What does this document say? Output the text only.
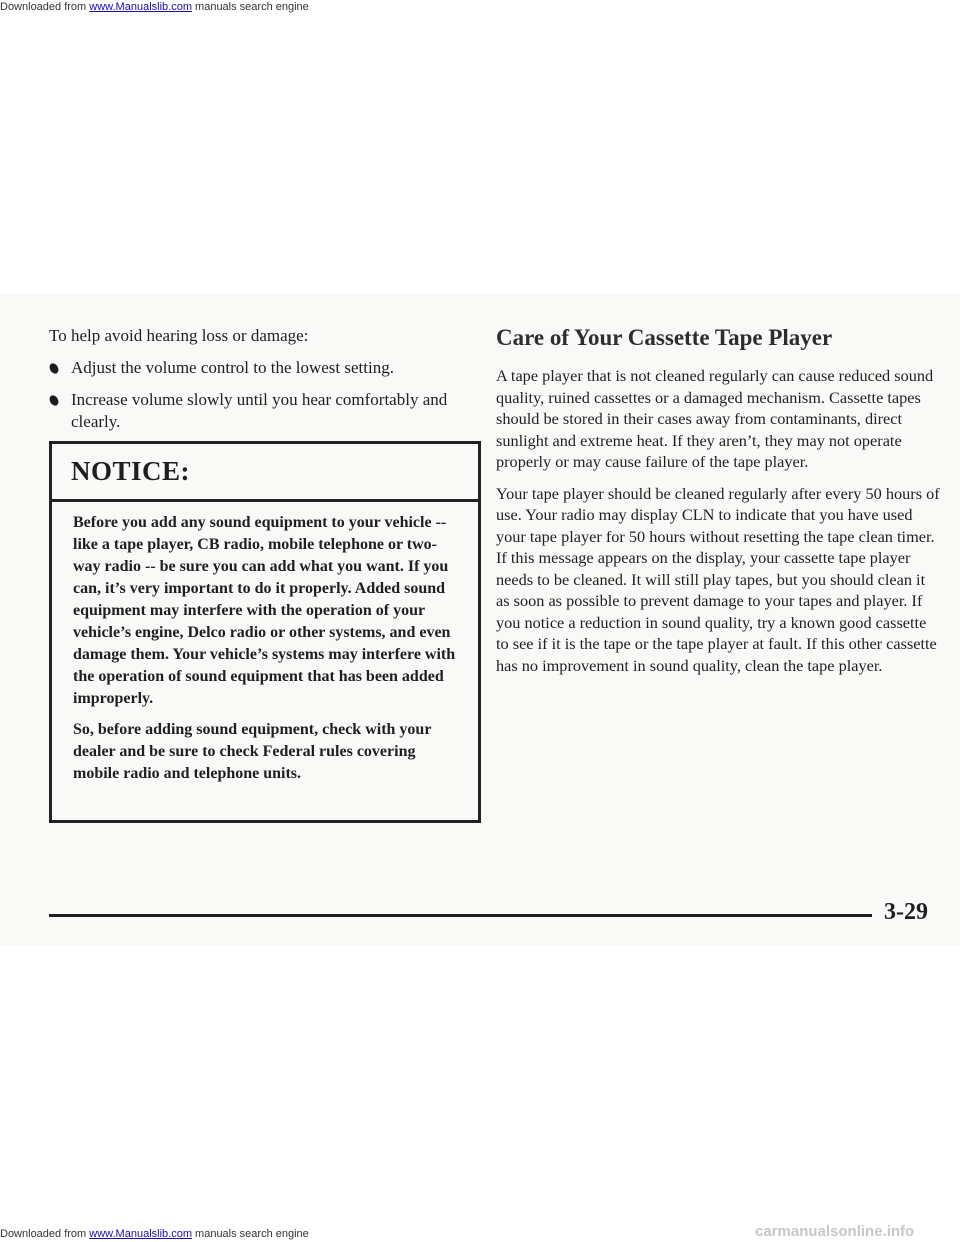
Downloaded from www.Manualslib.com manuals search engine

To help avoid hearing loss or damage:

Adjust the volume control to the lowest setting.
Increase volume slowly until you hear comfortably and clearly.
NOTICE:

Before you add any sound equipment to your vehicle -- like a tape player, CB radio, mobile telephone or two-way radio -- be sure you can add what you want. If you can, it’s very important to do it properly. Added sound equipment may interfere with the operation of your vehicle’s engine, Delco radio or other systems, and even damage them. Your vehicle’s systems may interfere with the operation of sound equipment that has been added improperly.

So, before adding sound equipment, check with your dealer and be sure to check Federal rules covering mobile radio and telephone units.

Care of Your Cassette Tape Player

A tape player that is not cleaned regularly can cause reduced sound quality, ruined cassettes or a damaged mechanism. Cassette tapes should be stored in their cases away from contaminants, direct sunlight and extreme heat. If they aren’t, they may not operate properly or may cause failure of the tape player.

Your tape player should be cleaned regularly after every 50 hours of use. Your radio may display CLN to indicate that you have used your tape player for 50 hours without resetting the tape clean timer. If this message appears on the display, your cassette tape player needs to be cleaned. It will still play tapes, but you should clean it as soon as possible to prevent damage to your tapes and player. If you notice a reduction in sound quality, try a known good cassette to see if it is the tape or the tape player at fault. If this other cassette has no improvement in sound quality, clean the tape player.

3-29
Downloaded from www.Manualslib.com manuals search engine	carmanualsonline.info
